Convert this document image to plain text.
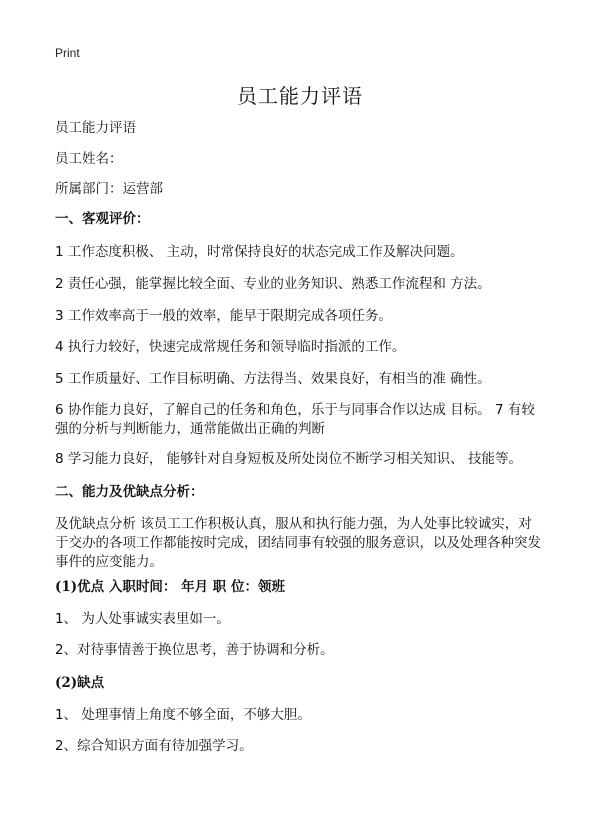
Print
员工能力评语
员工能力评语
员工姓名：
所属部门：运营部
一、客观评价：
1 工作态度积极、 主动，时常保持良好的状态完成工作及解决问题。
2 责任心强，能掌握比较全面、专业的业务知识、熟悉工作流程和 方法。
3 工作效率高于一般的效率，能早于限期完成各项任务。
4 执行力较好，快速完成常规任务和领导临时指派的工作。
5 工作质量好、工作目标明确、方法得当、效果良好，有相当的准 确性。
6 协作能力良好，了解自己的任务和角色，乐于与同事合作以达成 目标。 7 有较强的分析与判断能力，通常能做出正确的判断
8 学习能力良好， 能够针对自身短板及所处岗位不断学习相关知识、 技能等。
二、能力及优缺点分析：
及优缺点分析 该员工工作积极认真，服从和执行能力强，为人处事比较诚实，对于交办的各项工作都能按时完成，团结同事有较强的服务意识，以及处理各种突发事件的应变能力。
(1)优点 入职时间： 年月 职 位：领班
1、 为人处事诚实表里如一。
2、对待事情善于换位思考，善于协调和分析。
(2)缺点
1、 处理事情上角度不够全面，不够大胆。
2、综合知识方面有待加强学习。
